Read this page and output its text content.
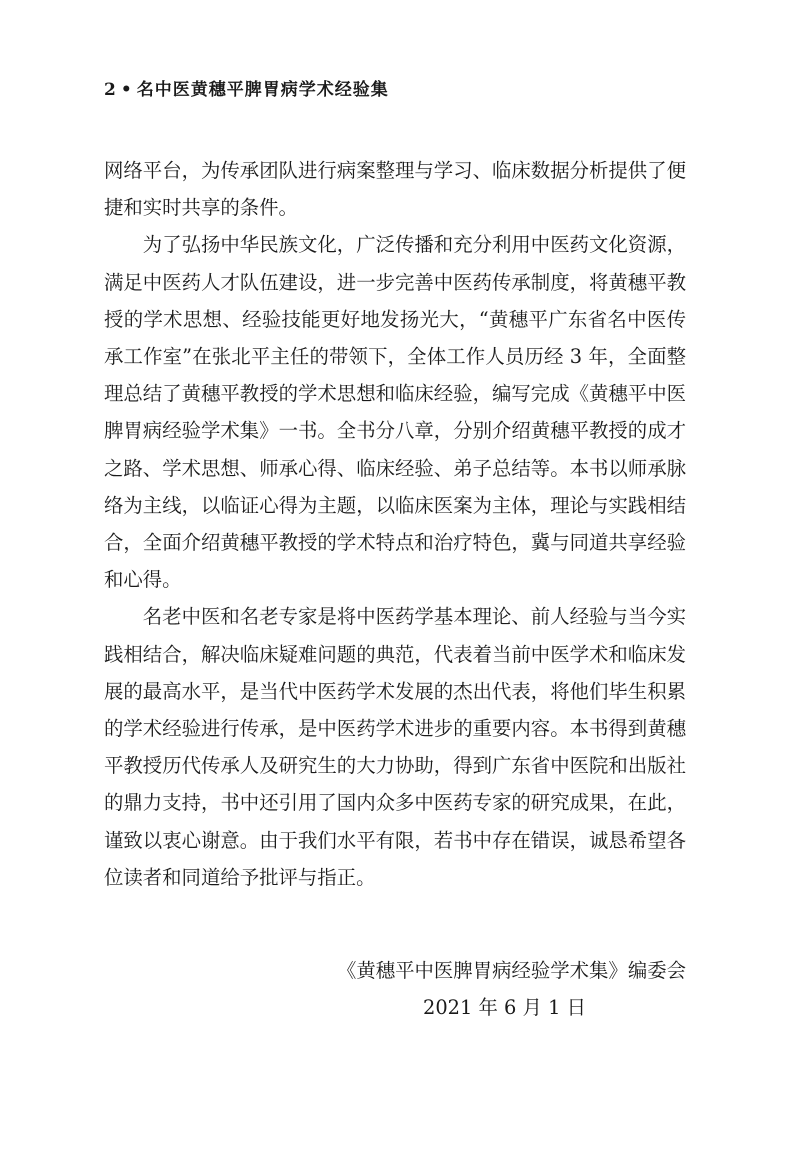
2 • 名中医黄穗平脾胃病学术经验集

网络平台，为传承团队进行病案整理与学习、临床数据分析提供了便捷和实时共享的条件。

为了弘扬中华民族文化，广泛传播和充分利用中医药文化资源，满足中医药人才队伍建设，进一步完善中医药传承制度，将黄穗平教授的学术思想、经验技能更好地发扬光大，“黄穗平广东省名中医传承工作室”在张北平主任的带领下，全体工作人员历经 3 年，全面整理总结了黄穗平教授的学术思想和临床经验，编写完成《黄穗平中医脾胃病经验学术集》一书。全书分八章，分别介绍黄穗平教授的成才之路、学术思想、师承心得、临床经验、弟子总结等。本书以师承脉络为主线，以临证心得为主题，以临床医案为主体，理论与实践相结合，全面介绍黄穗平教授的学术特点和治疗特色，冀与同道共享经验和心得。

名老中医和名老专家是将中医药学基本理论、前人经验与当今实践相结合，解决临床疑难问题的典范，代表着当前中医学术和临床发展的最高水平，是当代中医药学术发展的杰出代表，将他们毕生积累的学术经验进行传承，是中医药学术进步的重要内容。本书得到黄穗平教授历代传承人及研究生的大力协助，得到广东省中医院和出版社的鼎力支持，书中还引用了国内众多中医药专家的研究成果，在此，谨致以衷心谢意。由于我们水平有限，若书中存在错误，诚恳希望各位读者和同道给予批评与指正。

《黄穗平中医脾胃病经验学术集》编委会
2021 年 6 月 1 日
